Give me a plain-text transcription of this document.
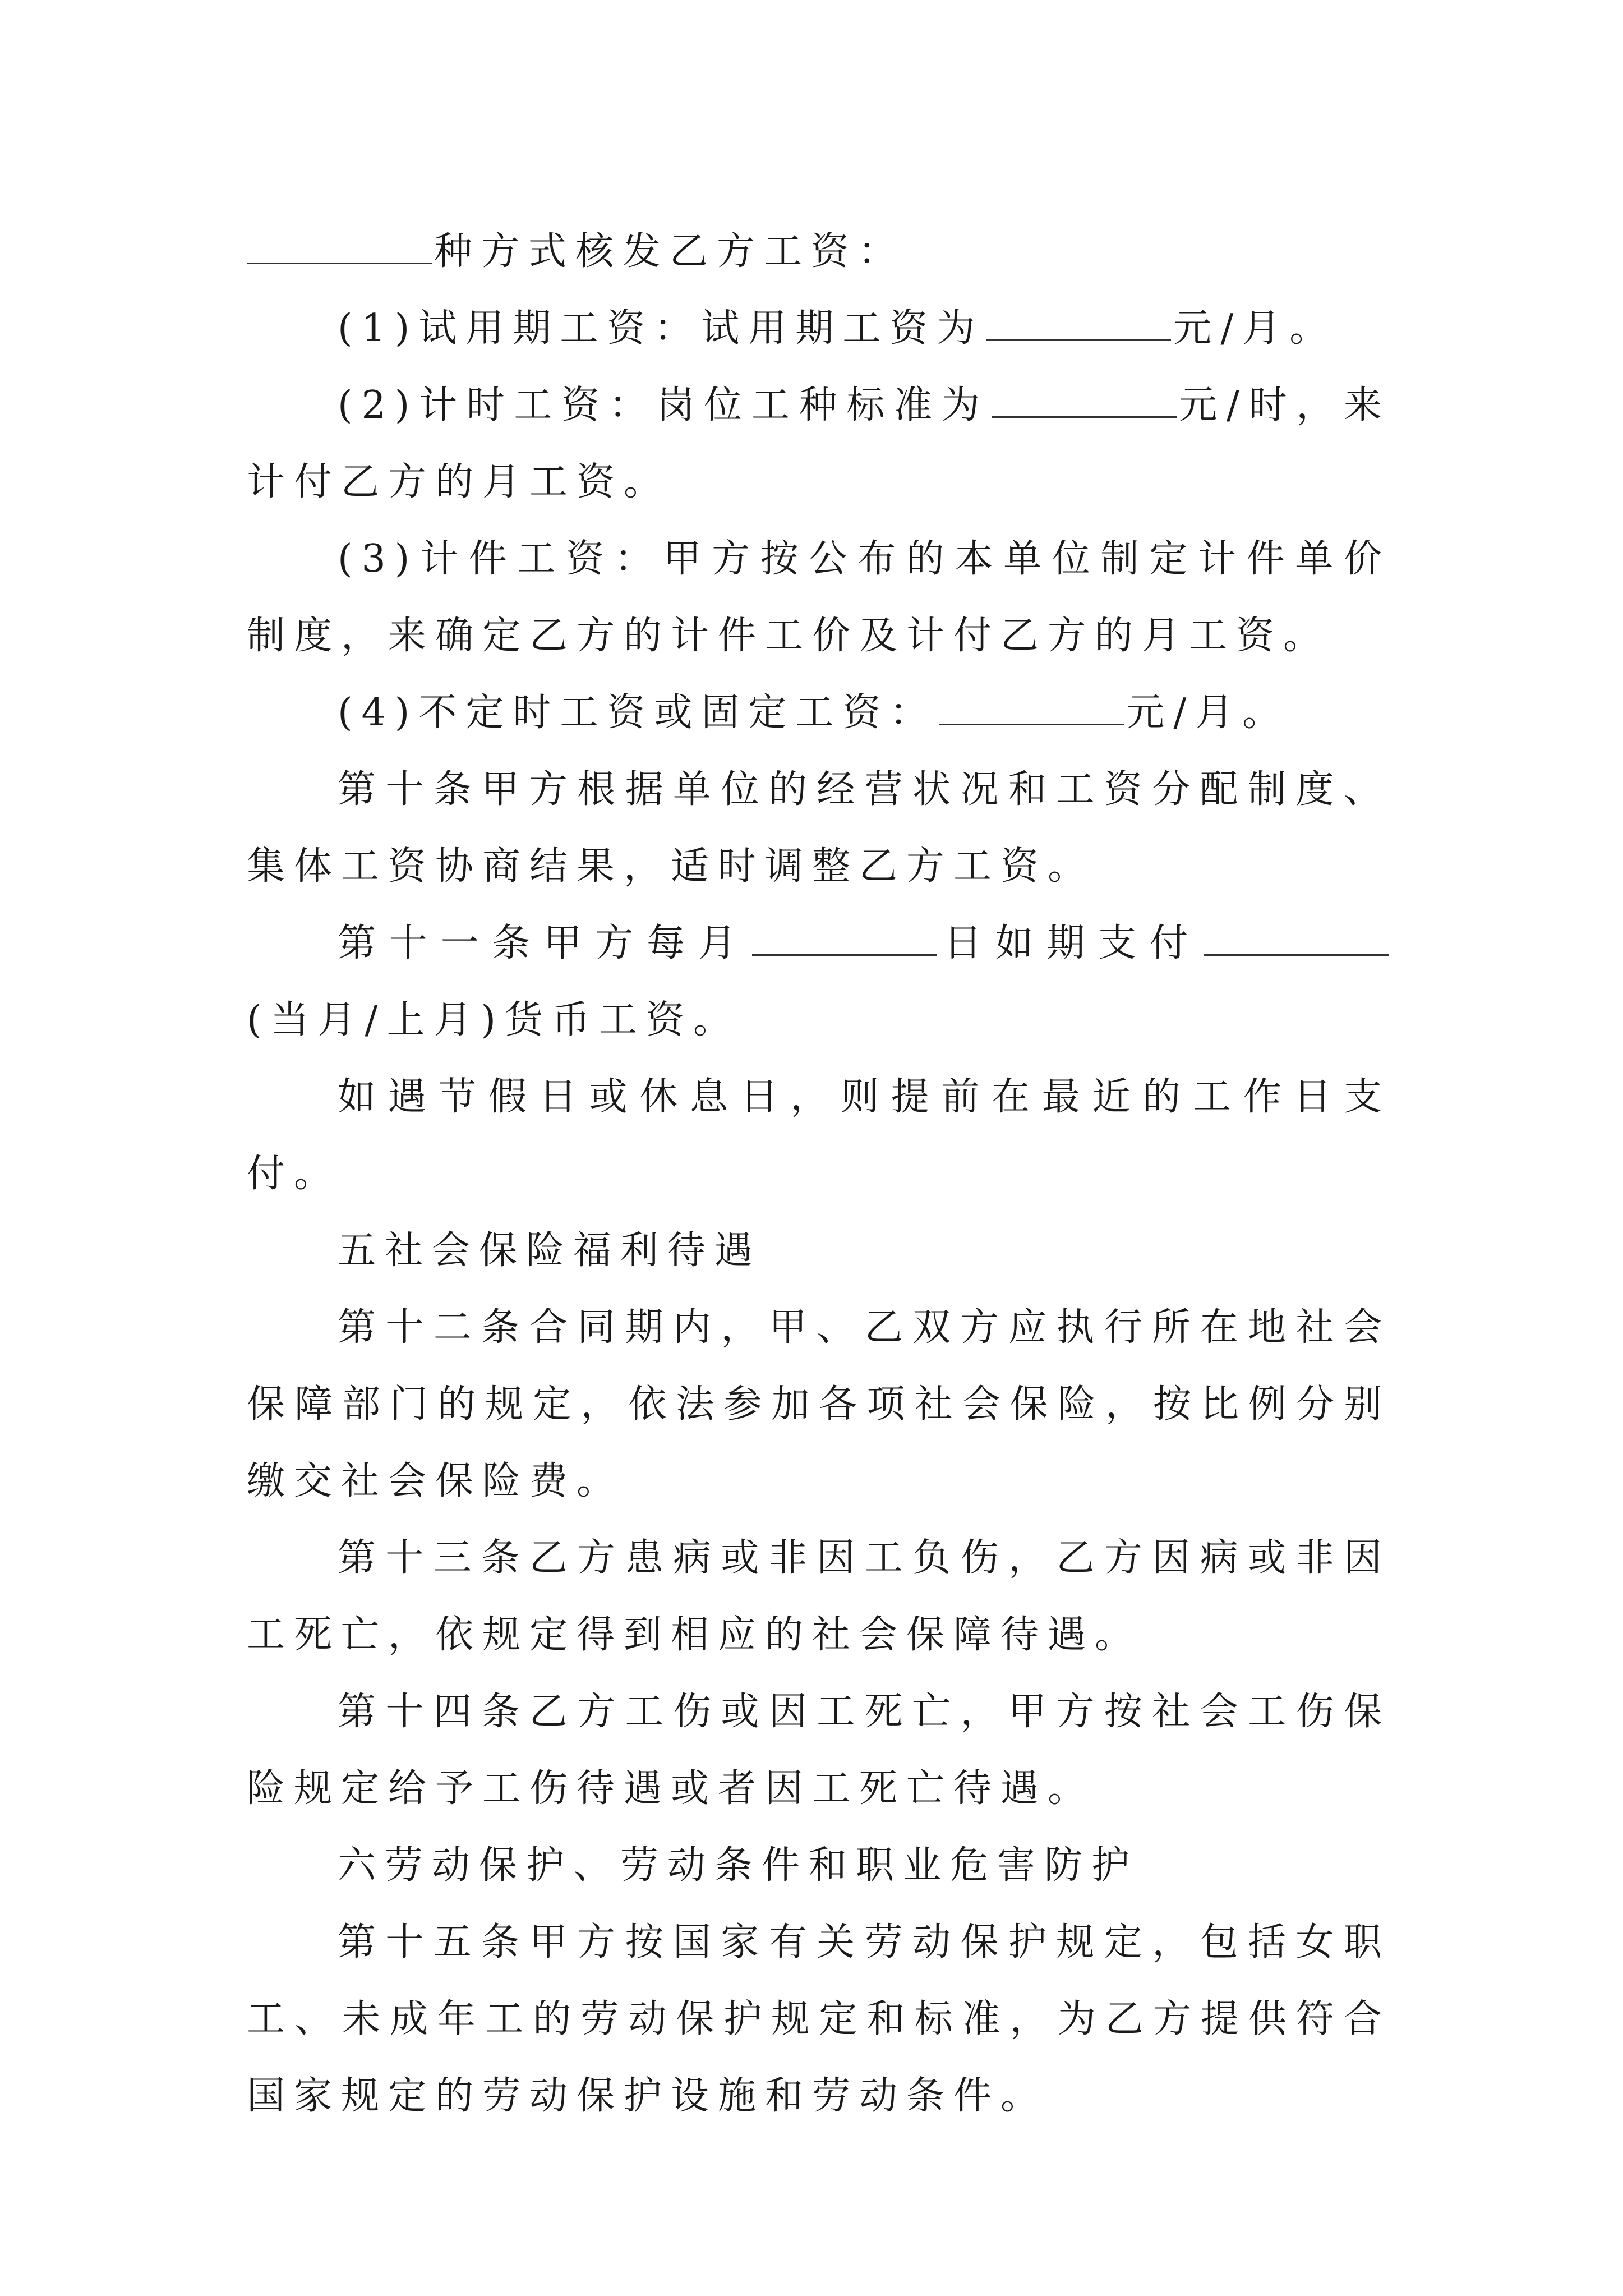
种方式核发乙方工资：

(1)试用期工资：试用期工资为	元/月。

(2)计时工资：岗位工种标准为	元/时，来计付乙方的月工资。

(3)计件工资：甲方按公布的本单位制定计件单价制度，来确定乙方的计件工价及计付乙方的月工资。

(4)不定时工资或固定工资：	元/月。

第十条甲方根据单位的经营状况和工资分配制度、集体工资协商结果，适时调整乙方工资。

第十一条甲方每月	日如期支付(当月/上月)货币工资。

如遇节假日或休息日，则提前在最近的工作日支付。

五社会保险福利待遇

第十二条合同期内，甲、乙双方应执行所在地社会保障部门的规定，依法参加各项社会保险，按比例分别缴交社会保险费。

第十三条乙方患病或非因工负伤，乙方因病或非因工死亡，依规定得到相应的社会保障待遇。

第十四条乙方工伤或因工死亡，甲方按社会工伤保险规定给予工伤待遇或者因工死亡待遇。

六劳动保护、劳动条件和职业危害防护

第十五条甲方按国家有关劳动保护规定，包括女职工、未成年工的劳动保护规定和标准，为乙方提供符合国家规定的劳动保护设施和劳动条件。
